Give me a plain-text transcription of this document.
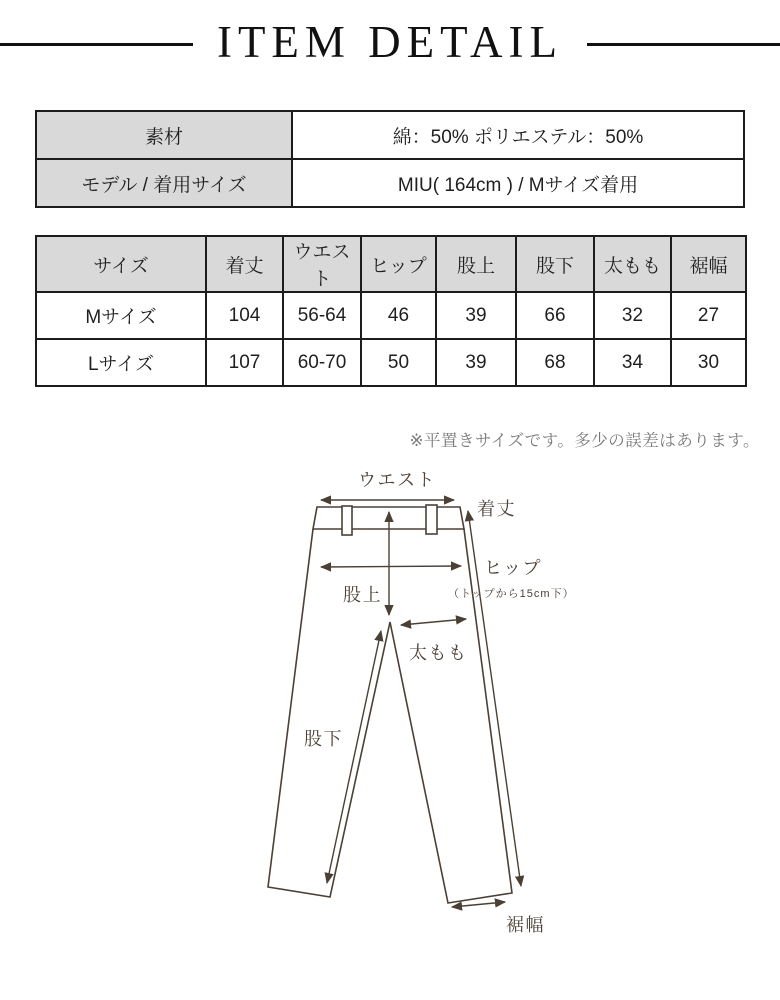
ITEM DETAIL
素材	綿：50% ポリエステル：50%
モデル / 着用サイズ	MIU( 164cm ) / Mサイズ着用
サイズ	着丈	ウエスト	ヒップ	股上	股下	太もも	裾幅
Mサイズ	104	56-64	46	39	66	32	27
Lサイズ	107	60-70	50	39	68	34	30
※平置きサイズです。多少の誤差はあります。
ウエスト
着丈
ヒップ
（トップから15cm下）
股上
太もも
股下
裾幅
